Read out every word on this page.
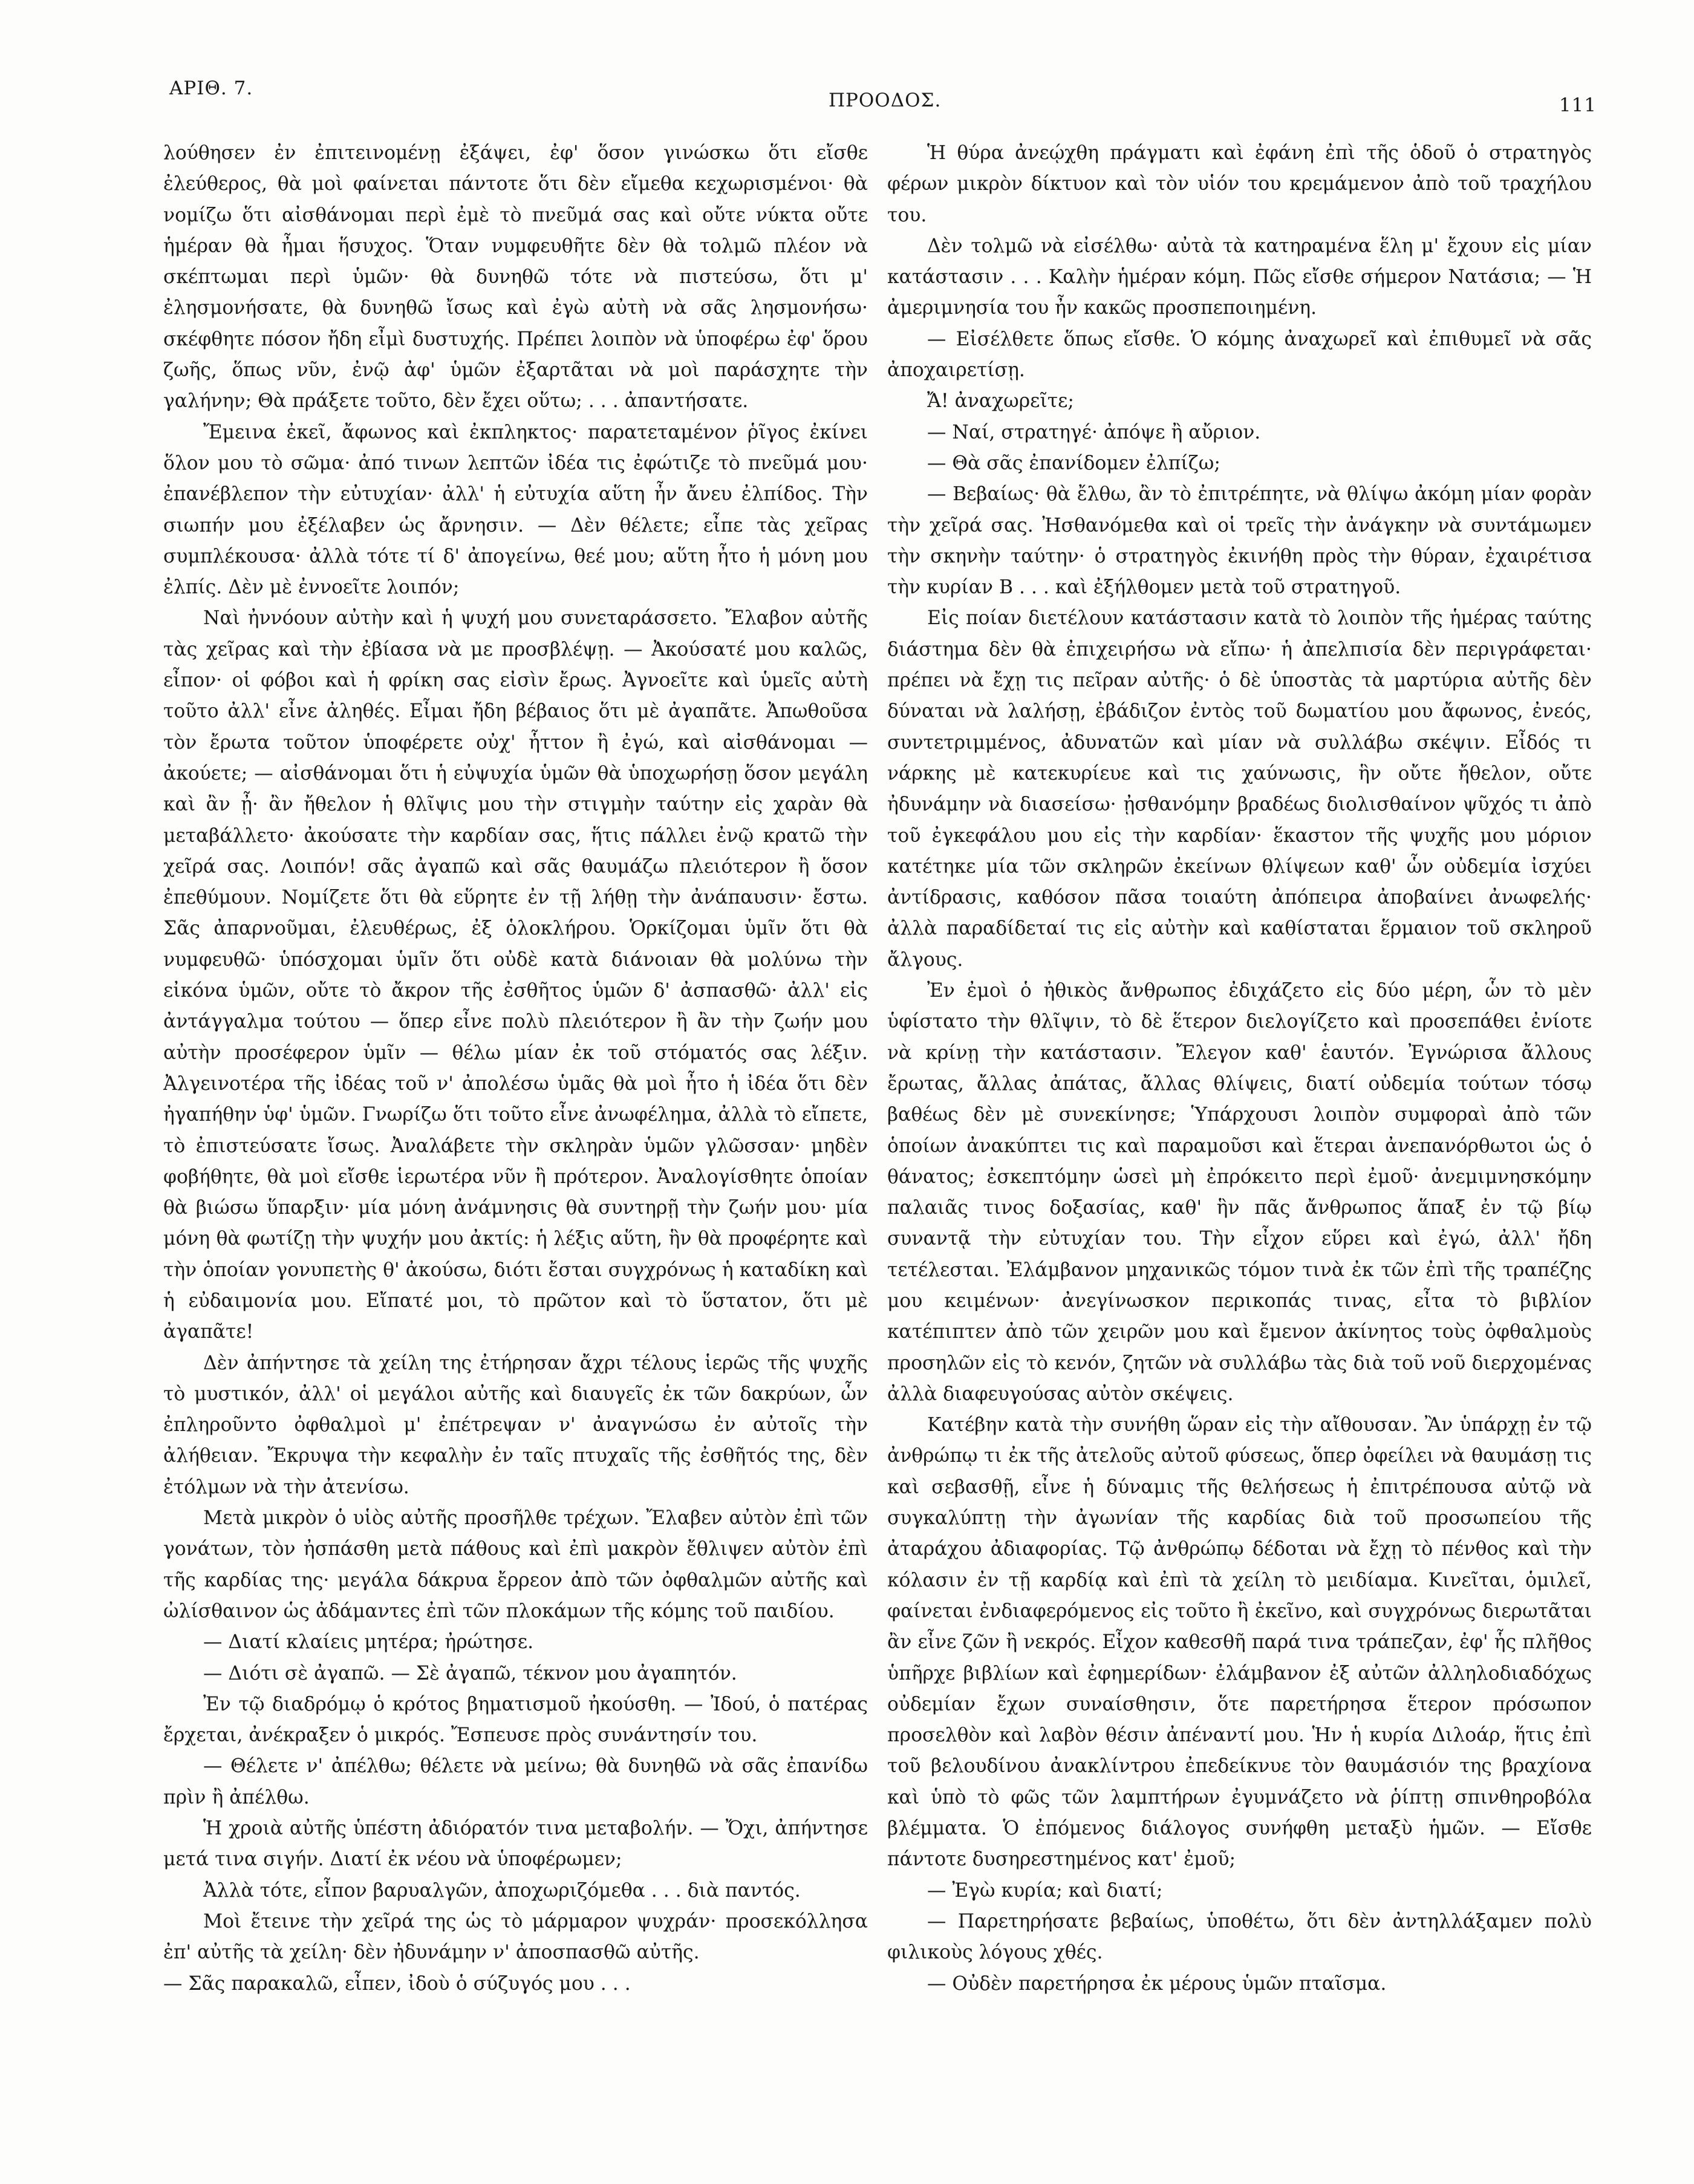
ΑΡΙΘ. 7.
ΠΡΟΟΔΟΣ.	111

λούθησεν ἐν ἐπιτεινομένῃ ἐξάψει, ἐφ' ὅσον γινώσκω ὅτι εἴσθε ἐλεύθερος, θὰ μοὶ φαίνεται πάντοτε ὅτι δὲν εἴμεθα κεχωρισμένοι· θὰ νομίζω ὅτι αἰσθάνομαι περὶ ἐμὲ τὸ πνεῦμά σας καὶ οὔτε νύκτα οὔτε ἡμέραν θὰ ἦμαι ἥσυχος. Ὅταν νυμφευθῆτε δὲν θὰ τολμῶ πλέον νὰ σκέπτωμαι περὶ ὑμῶν· θὰ δυνηθῶ τότε νὰ πιστεύσω, ὅτι μ' ἐλησμονήσατε, θὰ δυνηθῶ ἴσως καὶ ἐγὼ αὐτὴ νὰ σᾶς λησμονήσω· σκέφθητε πόσον ἤδη εἶμὶ δυστυχής. Πρέπει λοιπὸν νὰ ὑποφέρω ἐφ' ὅρου ζωῆς, ὅπως νῦν, ἐνῷ ἀφ' ὑμῶν ἐξαρτᾶται νὰ μοὶ παράσχητε τὴν γαλήνην; Θὰ πράξετε τοῦτο, δὲν ἔχει οὕτω; . . . ἀπαντήσατε.

Ἔμεινα ἐκεῖ, ἄφωνος καὶ ἐκπληκτος· παρατεταμένον ῥῖγος ἐκίνει ὅλον μου τὸ σῶμα· ἀπό τινων λεπτῶν ἰδέα τις ἐφώτιζε τὸ πνεῦμά μου· ἐπανέβλεπον τὴν εὐτυχίαν· ἀλλ' ἡ εὐτυχία αὕτη ἦν ἄνευ ἐλπίδος. Τὴν σιωπήν μου ἐξέλαβεν ὡς ἄρνησιν. — Δὲν θέλετε; εἶπε τὰς χεῖρας συμπλέκουσα· ἀλλὰ τότε τί δ' ἀπογείνω, θεέ μου; αὕτη ἦτο ἡ μόνη μου ἐλπίς. Δὲν μὲ ἐννοεῖτε λοιπόν;

Ναὶ ἠννόουν αὐτὴν καὶ ἡ ψυχή μου συνεταράσσετο. Ἔλαβον αὐτῆς τὰς χεῖρας καὶ τὴν ἐβίασα νὰ με προσβλέψῃ. — Ἀκούσατέ μου καλῶς, εἶπον· οἱ φόβοι καὶ ἡ φρίκη σας εἰσὶν ἔρως. Ἀγνοεῖτε καὶ ὑμεῖς αὐτὴ τοῦτο ἀλλ' εἶνε ἀληθές. Εἶμαι ἤδη βέβαιος ὅτι μὲ ἀγαπᾶτε. Ἀπωθοῦσα τὸν ἔρωτα τοῦτον ὑποφέρετε οὐχ' ἧττον ἢ ἐγώ, καὶ αἰσθάνομαι — ἀκούετε; — αἰσθάνομαι ὅτι ἡ εὐψυχία ὑμῶν θὰ ὑποχωρήσῃ ὅσον μεγάλη καὶ ἂν ᾖ· ἂν ἤθελον ἡ θλῖψις μου τὴν στιγμὴν ταύτην εἰς χαρὰν θὰ μεταβάλλετο· ἀκούσατε τὴν καρδίαν σας, ἥτις πάλλει ἐνῷ κρατῶ τὴν χεῖρά σας. Λοιπόν! σᾶς ἀγαπῶ καὶ σᾶς θαυμάζω πλειότερον ἢ ὅσον ἐπεθύμουν. Νομίζετε ὅτι θὰ εὕρητε ἐν τῇ λήθῃ τὴν ἀνάπαυσιν· ἔστω. Σᾶς ἀπαρνοῦμαι, ἐλευθέρως, ἐξ ὁλοκλήρου. Ὁρκίζομαι ὑμῖν ὅτι θὰ νυμφευθῶ· ὑπόσχομαι ὑμῖν ὅτι οὐδὲ κατὰ διάνοιαν θὰ μολύνω τὴν εἰκόνα ὑμῶν, οὔτε τὸ ἄκρον τῆς ἐσθῆτος ὑμῶν δ' ἀσπασθῶ· ἀλλ' εἰς ἀντάγγαλμα τούτου — ὅπερ εἶνε πολὺ πλειότερον ἢ ἂν τὴν ζωήν μου αὐτὴν προσέφερον ὑμῖν — θέλω μίαν ἐκ τοῦ στόματός σας λέξιν. Ἀλγεινοτέρα τῆς ἰδέας τοῦ ν' ἀπολέσω ὑμᾶς θὰ μοὶ ἦτο ἡ ἰδέα ὅτι δὲν ἠγαπήθην ὑφ' ὑμῶν. Γνωρίζω ὅτι τοῦτο εἶνε ἀνωφέλημα, ἀλλὰ τὸ εἴπετε, τὸ ἐπιστεύσατε ἴσως. Ἀναλάβετε τὴν σκληρὰν ὑμῶν γλῶσσαν· μηδὲν φοβήθητε, θὰ μοὶ εἴσθε ἱερωτέρα νῦν ἢ πρότερον. Ἀναλογίσθητε ὁποίαν θὰ βιώσω ὕπαρξιν· μία μόνη ἀνάμνησις θὰ συντηρῇ τὴν ζωήν μου· μία μόνη θὰ φωτίζῃ τὴν ψυχήν μου ἀκτίς: ἡ λέξις αὕτη, ἣν θὰ προφέρητε καὶ τὴν ὁποίαν γονυπετὴς θ' ἀκούσω, διότι ἔσται συγχρόνως ἡ καταδίκη καὶ ἡ εὐδαιμονία μου. Εἴπατέ μοι, τὸ πρῶτον καὶ τὸ ὕστατον, ὅτι μὲ ἀγαπᾶτε!

Δὲν ἀπήντησε τὰ χείλη της ἐτήρησαν ἄχρι τέλους ἱερῶς τῆς ψυχῆς τὸ μυστικόν, ἀλλ' οἱ μεγάλοι αὐτῆς καὶ διαυγεῖς ἐκ τῶν δακρύων, ὧν ἐπληροῦντο ὀφθαλμοὶ μ' ἐπέτρεψαν ν' ἀναγνώσω ἐν αὐτοῖς τὴν ἀλήθειαν. Ἔκρυψα τὴν κεφαλὴν ἐν ταῖς πτυχαῖς τῆς ἐσθῆτός της, δὲν ἐτόλμων νὰ τὴν ἀτενίσω.

Μετὰ μικρὸν ὁ υἱὸς αὐτῆς προσῆλθε τρέχων. Ἔλαβεν αὐτὸν ἐπὶ τῶν γονάτων, τὸν ἠσπάσθη μετὰ πάθους καὶ ἐπὶ μακρὸν ἔθλιψεν αὐτὸν ἐπὶ τῆς καρδίας της· μεγάλα δάκρυα ἔρρεον ἀπὸ τῶν ὀφθαλμῶν αὐτῆς καὶ ὠλίσθαινον ὡς ἀδάμαντες ἐπὶ τῶν πλοκάμων τῆς κόμης τοῦ παιδίου.

— Διατί κλαίεις μητέρα; ἠρώτησε.

— Διότι σὲ ἀγαπῶ. — Σὲ ἀγαπῶ, τέκνον μου ἀγαπητόν.

Ἐν τῷ διαδρόμῳ ὁ κρότος βηματισμοῦ ἠκούσθη. — Ἰδού, ὁ πατέρας ἔρχεται, ἀνέκραξεν ὁ μικρός. Ἔσπευσε πρὸς συνάντησίν του.

— Θέλετε ν' ἀπέλθω; θέλετε νὰ μείνω; θὰ δυνηθῶ νὰ σᾶς ἐπανίδω πρὶν ἢ ἀπέλθω.

Ἡ χροιὰ αὐτῆς ὑπέστη ἀδιόρατόν τινα μεταβολήν. — Ὄχι, ἀπήντησε μετά τινα σιγήν. Διατί ἐκ νέου νὰ ὑποφέρωμεν;

Ἀλλὰ τότε, εἶπον βαρυαλγῶν, ἀποχωριζόμεθα . . . διὰ παντός.

Μοὶ ἔτεινε τὴν χεῖρά της ὡς τὸ μάρμαρον ψυχράν· προσεκόλλησα ἐπ' αὐτῆς τὰ χείλη· δὲν ἠδυνάμην ν' ἀποσπασθῶ αὐτῆς.

— Σᾶς παρακαλῶ, εἶπεν, ἰδοὺ ὁ σύζυγός μου . . .

Ἡ θύρα ἀνεῴχθη πράγματι καὶ ἐφάνη ἐπὶ τῆς ὁδοῦ ὁ στρατηγὸς φέρων μικρὸν δίκτυον καὶ τὸν υἱόν του κρεμάμενον ἀπὸ τοῦ τραχήλου του.

Δὲν τολμῶ νὰ εἰσέλθω· αὐτὰ τὰ κατηραμένα ἕλη μ' ἔχουν εἰς μίαν κατάστασιν . . . Καλὴν ἡμέραν κόμη. Πῶς εἴσθε σήμερον Νατάσια; — Ἡ ἀμεριμνησία του ἦν κακῶς προσπεποιημένη.

— Εἰσέλθετε ὅπως εἴσθε. Ὁ κόμης ἀναχωρεῖ καὶ ἐπιθυμεῖ νὰ σᾶς ἀποχαιρετίσῃ.

Ἄ! ἀναχωρεῖτε;

— Ναί, στρατηγέ· ἀπόψε ἢ αὔριον.

— Θὰ σᾶς ἐπανίδομεν ἐλπίζω;

— Βεβαίως· θὰ ἔλθω, ἂν τὸ ἐπιτρέπητε, νὰ θλίψω ἀκόμη μίαν φορὰν τὴν χεῖρά σας. Ἠσθανόμεθα καὶ οἱ τρεῖς τὴν ἀνάγκην νὰ συντάμωμεν τὴν σκηνὴν ταύτην· ὁ στρατηγὸς ἐκινήθη πρὸς τὴν θύραν, ἐχαιρέτισα τὴν κυρίαν Β . . . καὶ ἐξήλθομεν μετὰ τοῦ στρατηγοῦ.

Εἰς ποίαν διετέλουν κατάστασιν κατὰ τὸ λοιπὸν τῆς ἡμέρας ταύτης διάστημα δὲν θὰ ἐπιχειρήσω νὰ εἴπω· ἡ ἀπελπισία δὲν περιγράφεται· πρέπει νὰ ἔχῃ τις πεῖραν αὐτῆς· ὁ δὲ ὑποστὰς τὰ μαρτύρια αὐτῆς δὲν δύναται νὰ λαλήσῃ, ἐβάδιζον ἐντὸς τοῦ δωματίου μου ἄφωνος, ἐνεός, συντετριμμένος, ἀδυνατῶν καὶ μίαν νὰ συλλάβω σκέψιν. Εἶδός τι νάρκης μὲ κατεκυρίευε καὶ τις χαύνωσις, ἣν οὔτε ἤθελον, οὔτε ἠδυνάμην νὰ διασείσω· ᾐσθανόμην βραδέως διολισθαίνον ψῦχός τι ἀπὸ τοῦ ἐγκεφάλου μου εἰς τὴν καρδίαν· ἕκαστον τῆς ψυχῆς μου μόριον κατέτηκε μία τῶν σκληρῶν ἐκείνων θλίψεων καθ' ὧν οὐδεμία ἰσχύει ἀντίδρασις, καθόσον πᾶσα τοιαύτη ἀπόπειρα ἀποβαίνει ἀνωφελής· ἀλλὰ παραδίδεταί τις εἰς αὐτὴν καὶ καθίσταται ἕρμαιον τοῦ σκληροῦ ἄλγους.

Ἐν ἐμοὶ ὁ ἠθικὸς ἄνθρωπος ἐδιχάζετο εἰς δύο μέρη, ὧν τὸ μὲν ὑφίστατο τὴν θλῖψιν, τὸ δὲ ἕτερον διελογίζετο καὶ προσεπάθει ἐνίοτε νὰ κρίνῃ τὴν κατάστασιν. Ἔλεγον καθ' ἑαυτόν. Ἐγνώρισα ἄλλους ἔρωτας, ἄλλας ἀπάτας, ἄλλας θλίψεις, διατί οὐδεμία τούτων τόσῳ βαθέως δὲν μὲ συνεκίνησε; Ὑπάρχουσι λοιπὸν συμφοραὶ ἀπὸ τῶν ὁποίων ἀνακύπτει τις καὶ παραμοῦσι καὶ ἕτεραι ἀνεπανόρθωτοι ὡς ὁ θάνατος; ἐσκεπτόμην ὡσεὶ μὴ ἐπρόκειτο περὶ ἐμοῦ· ἀνεμιμνησκόμην παλαιᾶς τινος δοξασίας, καθ' ἣν πᾶς ἄνθρωπος ἅπαξ ἐν τῷ βίῳ συναντᾷ τὴν εὐτυχίαν του. Τὴν εἶχον εὕρει καὶ ἐγώ, ἀλλ' ἤδη τετέλεσται. Ἐλάμβανον μηχανικῶς τόμον τινὰ ἐκ τῶν ἐπὶ τῆς τραπέζης μου κειμένων· ἀνεγίνωσκον περικοπάς τινας, εἶτα τὸ βιβλίον κατέπιπτεν ἀπὸ τῶν χειρῶν μου καὶ ἔμενον ἀκίνητος τοὺς ὀφθαλμοὺς προσηλῶν εἰς τὸ κενόν, ζητῶν νὰ συλλάβω τὰς διὰ τοῦ νοῦ διερχομένας ἀλλὰ διαφευγούσας αὐτὸν σκέψεις.

Κατέβην κατὰ τὴν συνήθη ὥραν εἰς τὴν αἴθουσαν. Ἂν ὑπάρχῃ ἐν τῷ ἀνθρώπῳ τι ἐκ τῆς ἀτελοῦς αὐτοῦ φύσεως, ὅπερ ὀφείλει νὰ θαυμάσῃ τις καὶ σεβασθῇ, εἶνε ἡ δύναμις τῆς θελήσεως ἡ ἐπιτρέπουσα αὐτῷ νὰ συγκαλύπτῃ τὴν ἀγωνίαν τῆς καρδίας διὰ τοῦ προσωπείου τῆς ἀταράχου ἀδιαφορίας. Τῷ ἀνθρώπῳ δέδοται νὰ ἔχῃ τὸ πένθος καὶ τὴν κόλασιν ἐν τῇ καρδίᾳ καὶ ἐπὶ τὰ χείλη τὸ μειδίαμα. Κινεῖται, ὁμιλεῖ, φαίνεται ἐνδιαφερόμενος εἰς τοῦτο ἢ ἐκεῖνο, καὶ συγχρόνως διερωτᾶται ἂν εἶνε ζῶν ἢ νεκρός. Εἶχον καθεσθῆ παρά τινα τράπεζαν, ἐφ' ἧς πλῆθος ὑπῆρχε βιβλίων καὶ ἐφημερίδων· ἐλάμβανον ἐξ αὐτῶν ἀλληλοδιαδόχως οὐδεμίαν ἔχων συναίσθησιν, ὅτε παρετήρησα ἕτερον πρόσωπον προσελθὸν καὶ λαβὸν θέσιν ἀπέναντί μου. Ἡν ἡ κυρία Διλοάρ, ἥτις ἐπὶ τοῦ βελουδίνου ἀνακλίντρου ἐπεδείκνυε τὸν θαυμάσιόν της βραχίονα καὶ ὑπὸ τὸ φῶς τῶν λαμπτήρων ἐγυμνάζετο νὰ ῥίπτῃ σπινθηροβόλα βλέμματα. Ὁ ἐπόμενος διάλογος συνήφθη μεταξὺ ἡμῶν. — Εἴσθε πάντοτε δυσηρεστημένος κατ' ἐμοῦ;

— Ἐγὼ κυρία; καὶ διατί;

— Παρετηρήσατε βεβαίως, ὑποθέτω, ὅτι δὲν ἀντηλλάξαμεν πολὺ φιλικοὺς λόγους χθές.

— Οὐδὲν παρετήρησα ἐκ μέρους ὑμῶν πταῖσμα.
